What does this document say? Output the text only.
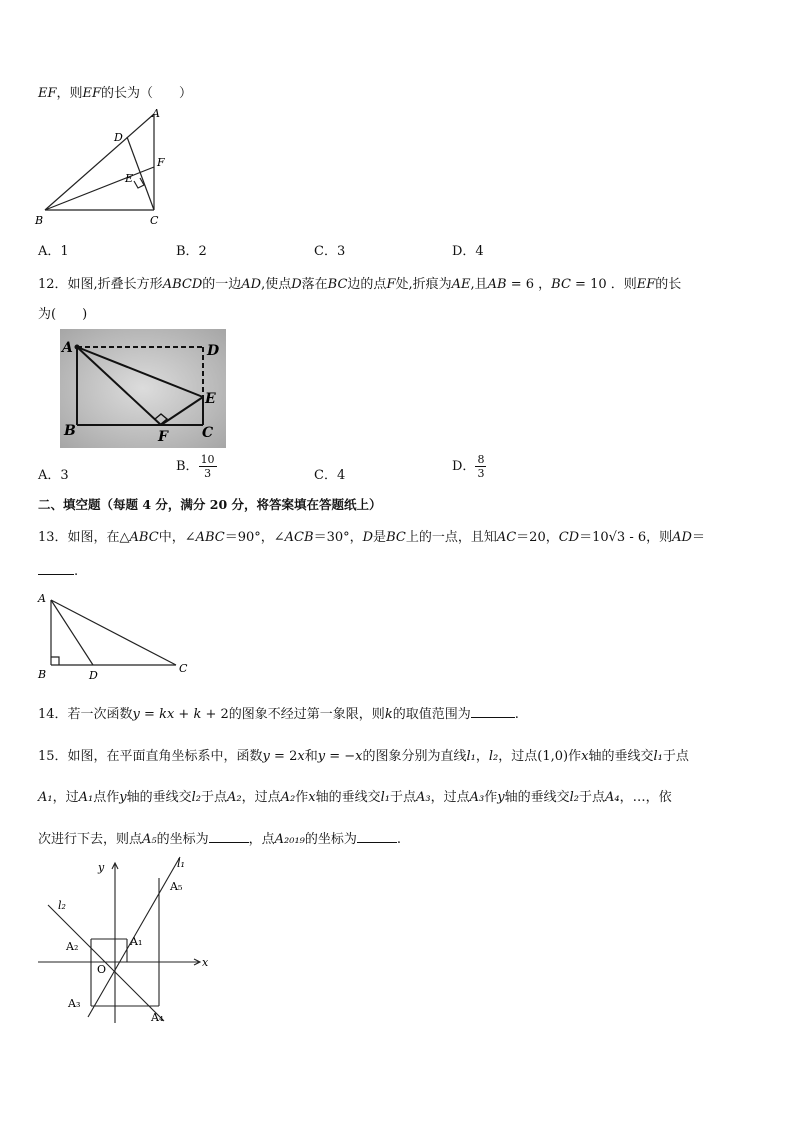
EF，则EF的长为（　　）
A
B	C
D
E
F
A．1	B．2	C．3	D．4
12．如图,折叠长方形ABCD的一边AD,使点D落在BC边的点F处,折痕为AE,且AB = 6 ，BC = 10 ．则EF的长
为(　　)
A	D
E
B	F C
A．3
B． $\frac{10}{3}$	C．4
D． $\frac{8}{3}$
二、填空题（每题 4 分，满分 20 分，将答案填在答题纸上）
13．如图，在△ABC中，∠ABC＝90°，∠ACB＝30°，D是BC上的一点，且知AC＝20，CD＝10√3 - 6，则AD＝
.
A
B	D
C
14．若一次函数y = kx + k + 2的图象不经过第一象限，则k的取值范围为	.
15．如图，在平面直角坐标系中，函数y = 2x和y = −x的图象分别为直线l₁，l₂，过点(1,0)作x轴的垂线交l₁于点
A₁，过A₁点作y轴的垂线交l₂于点A₂，过点A₂作x轴的垂线交l₁于点A₃，过点A₃作y轴的垂线交l₂于点A₄，…，依
次进行下去，则点A₅的坐标为	，点A₂₀₁₉的坐标为	.
y
x
O
l₁
l₂
A₁
A₂
A₃
A₄
A₅
